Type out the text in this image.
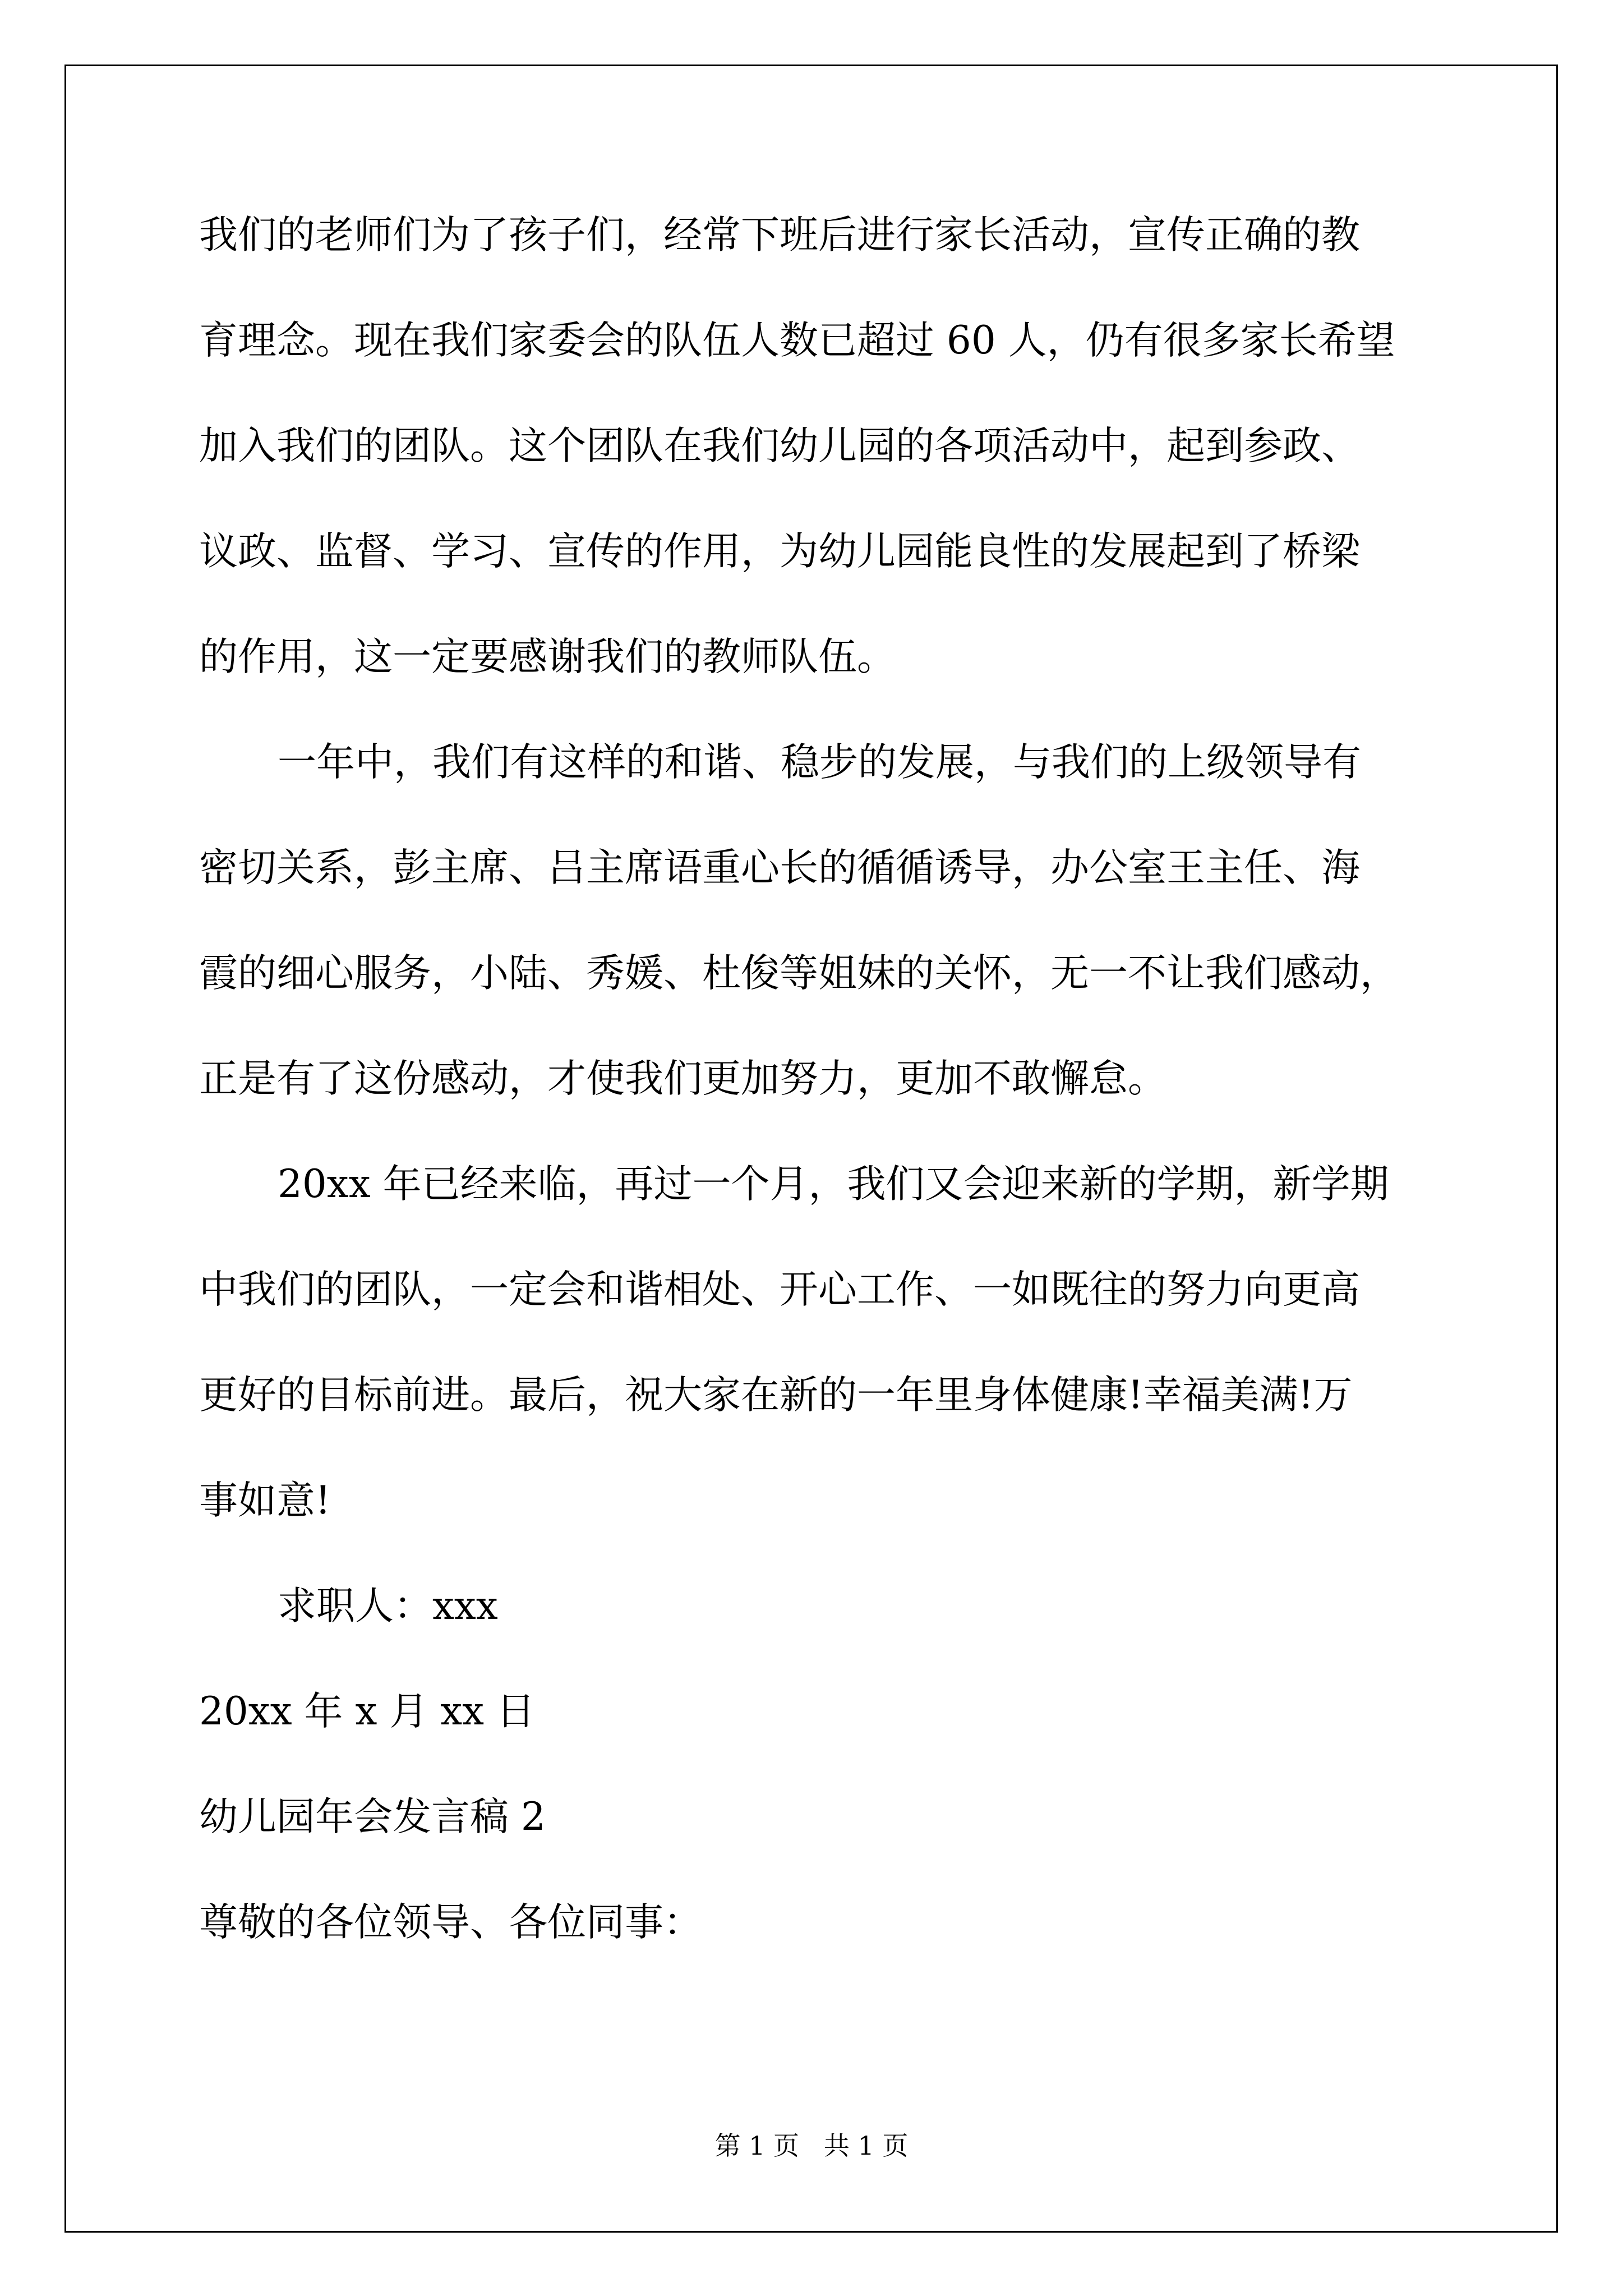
我们的老师们为了孩子们，经常下班后进行家长活动，宣传正确的教
育理念。现在我们家委会的队伍人数已超过 60 人，仍有很多家长希望
加入我们的团队。这个团队在我们幼儿园的各项活动中，起到参政、
议政、监督、学习、宣传的作用，为幼儿园能良性的发展起到了桥梁
的作用，这一定要感谢我们的教师队伍。
一年中，我们有这样的和谐、稳步的发展，与我们的上级领导有
密切关系，彭主席、吕主席语重心长的循循诱导，办公室王主任、海
霞的细心服务，小陆、秀媛、杜俊等姐妹的关怀，无一不让我们感动，
正是有了这份感动，才使我们更加努力，更加不敢懈怠。
20xx 年已经来临，再过一个月，我们又会迎来新的学期，新学期
中我们的团队，一定会和谐相处、开心工作、一如既往的努力向更高
更好的目标前进。最后，祝大家在新的一年里身体健康!幸福美满!万
事如意!
求职人：xxx
20xx 年 x 月 xx 日
幼儿园年会发言稿 2
尊敬的各位领导、各位同事：
第 1 页   共 1 页
